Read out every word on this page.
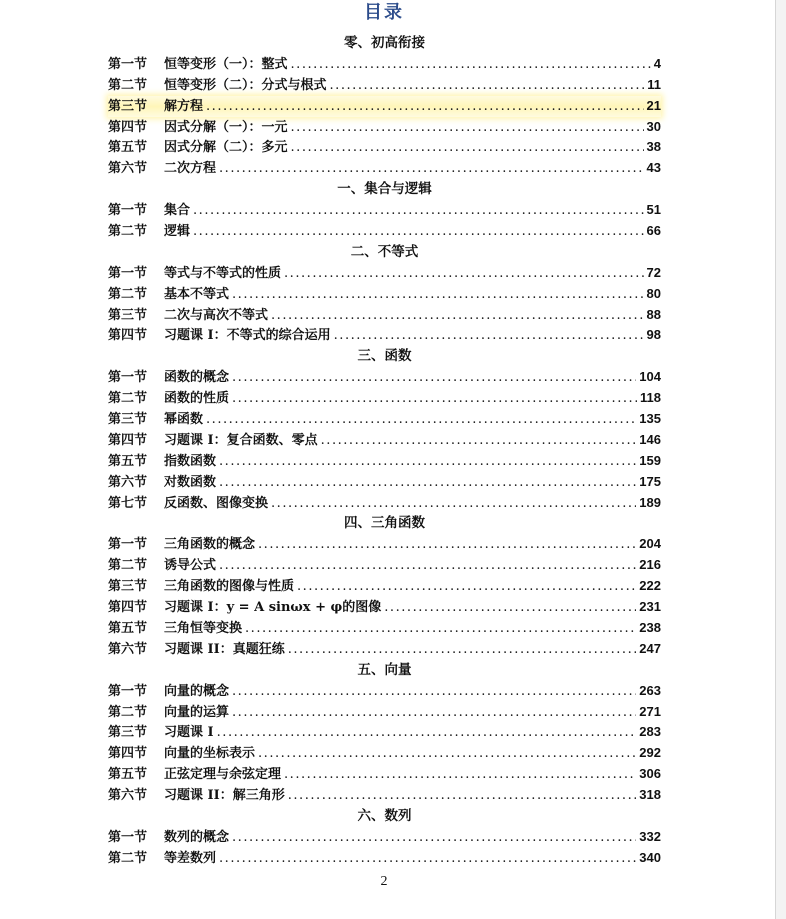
目录
零、初高衔接
第一节	恒等变形（一）：整式 . . .	4
第二节	恒等变形（二）：分式与根式 . . .	11
第三节	解方程 . . .	21
第四节	因式分解（一）：一元 . . .	30
第五节	因式分解（二）：多元 . . .	38
第六节	二次方程 . . .	43
一、集合与逻辑
第一节	集合 . . .	51
第二节	逻辑 . . .	66
二、不等式
第一节	等式与不等式的性质 . . .	72
第二节	基本不等式 . . .	80
第三节	二次与高次不等式 . . .	88
第四节	习题课 I：不等式的综合运用 . . .	98
三、函数
第一节	函数的概念 . . .	104
第二节	函数的性质 . . .	118
第三节	幂函数 . . .	135
第四节	习题课 I：复合函数、零点 . . .	146
第五节	指数函数 . . .	159
第六节	对数函数 . . .	175
第七节	反函数、图像变换 . . .	189
四、三角函数
第一节	三角函数的概念 . . .	204
第二节	诱导公式 . . .	216
第三节	三角函数的图像与性质 . . .	222
第四节	习题课 I：y = A sinωx + φ的图像 . . .	231
第五节	三角恒等变换 . . .	238
第六节	习题课 II：真题狂练 . . .	247
五、向量
第一节	向量的概念 . . .	263
第二节	向量的运算 . . .	271
第三节	习题课 I . . .	283
第四节	向量的坐标表示 . . .	292
第五节	正弦定理与余弦定理 . . .	306
第六节	习题课 II：解三角形 . . .	318
六、数列
第一节	数列的概念 . . .	332
第二节	等差数列 . . .	340
2
